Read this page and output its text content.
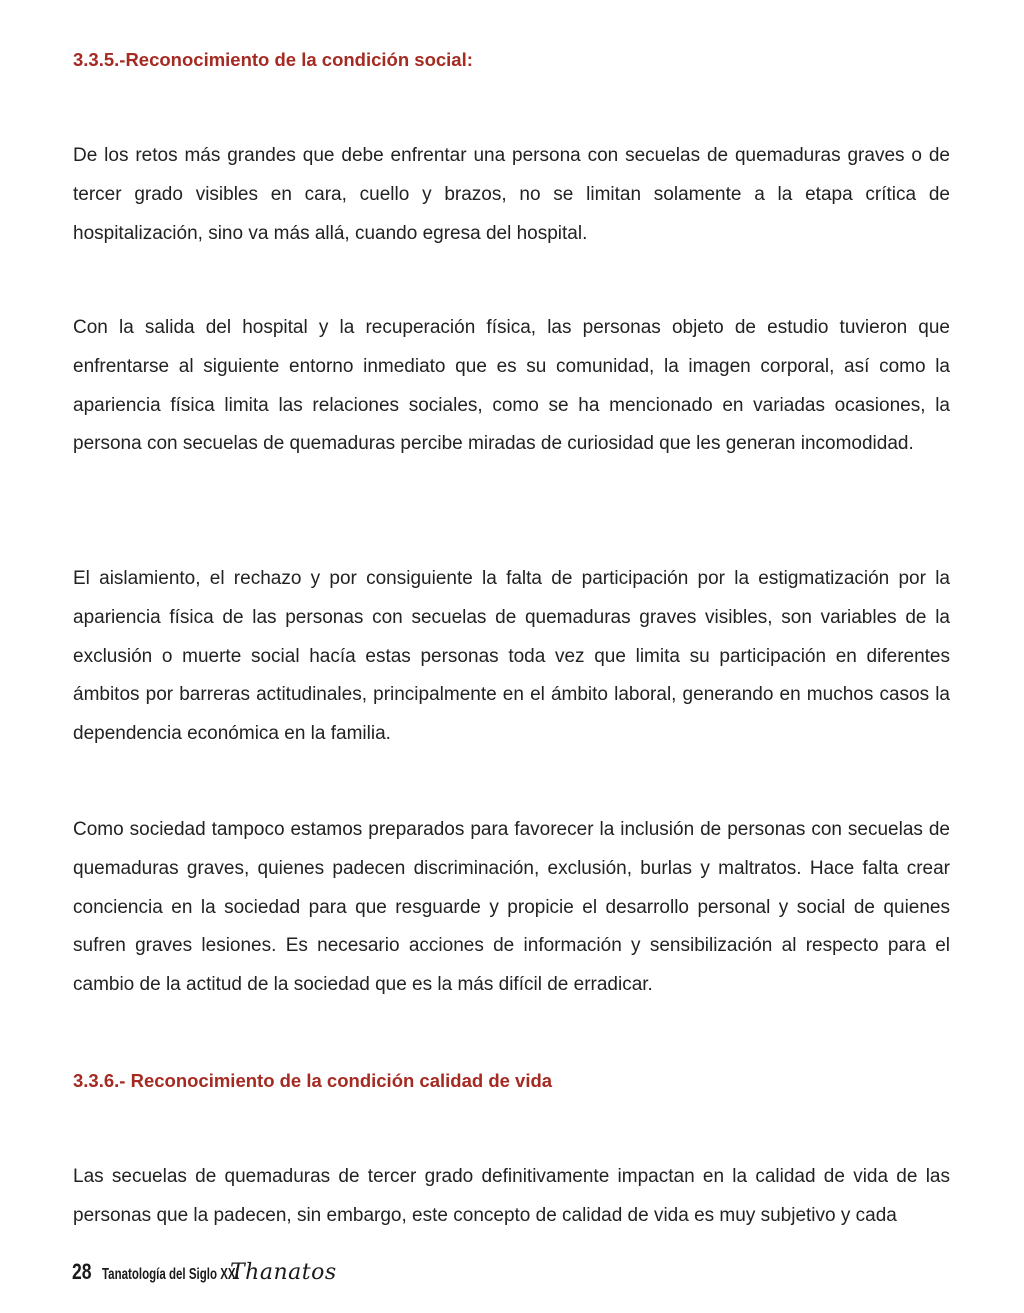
3.3.5.-Reconocimiento de la condición social:

De los retos más grandes que debe enfrentar una persona con secuelas de quemaduras graves o de tercer grado visibles en cara, cuello y brazos, no se limitan solamente a la etapa crítica de hospitalización, sino va más allá, cuando egresa del hospital.

Con la salida del hospital y la recuperación física, las personas objeto de estudio tuvieron que enfrentarse al siguiente entorno inmediato que es su comunidad, la imagen corporal, así como la apariencia física limita las relaciones sociales, como se ha mencionado en variadas ocasiones, la persona con secuelas de quemaduras percibe miradas de curiosidad que les generan incomodidad.

El aislamiento, el rechazo y por consiguiente la falta de participación por la estigmatización por la apariencia física de las personas con secuelas de quemaduras graves visibles, son variables de la exclusión o muerte social hacía estas personas toda vez que limita su participación en diferentes ámbitos por barreras actitudinales, principalmente en el ámbito laboral, generando en muchos casos la dependencia económica en la familia.

Como sociedad tampoco estamos preparados para favorecer la inclusión de personas con secuelas de quemaduras graves, quienes padecen discriminación, exclusión, burlas y maltratos. Hace falta crear conciencia en la sociedad para que resguarde y propicie el desarrollo personal y social de quienes sufren graves lesiones. Es necesario acciones de información y sensibilización al respecto para el cambio de la actitud de la sociedad que es la más difícil de erradicar.

3.3.6.- Reconocimiento de la condición calidad de vida

Las secuelas de quemaduras de tercer grado definitivamente impactan en la calidad de vida de las personas que la padecen, sin embargo, este concepto de calidad de vida es muy subjetivo y cada

28 Tanatología del Siglo XXI
Thanatos
